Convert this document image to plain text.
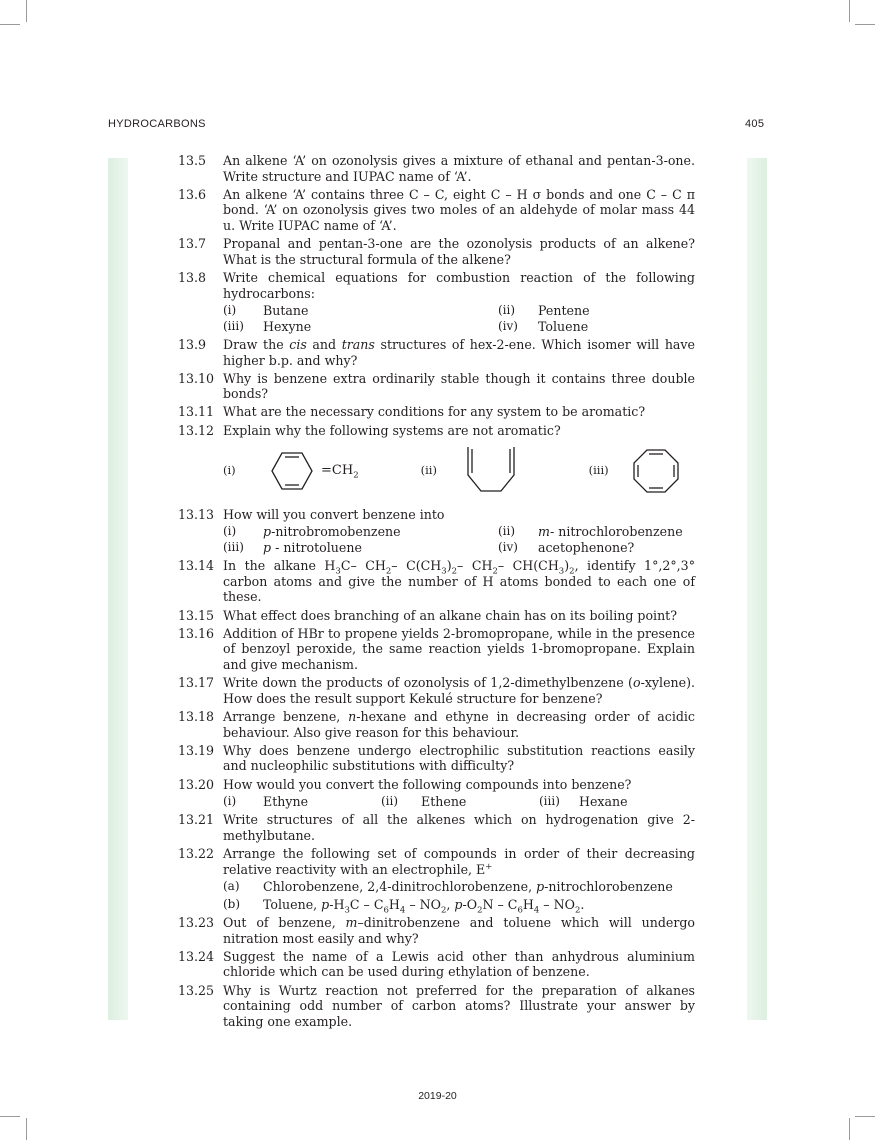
HYDROCARBONS	405
13.5	An alkene ‘A’ on ozonolysis gives a mixture of ethanal and pentan-3-one. Write structure and IUPAC name of ‘A’.
13.6	An alkene ‘A’ contains three C – C, eight C – H σ bonds and one C – C π bond. ‘A’ on ozonolysis gives two moles of an aldehyde of molar mass 44 u. Write IUPAC name of ‘A’.
13.7	Propanal and pentan-3-one are the ozonolysis products of an alkene? What is the structural formula of the alkene?
13.8	Write chemical equations for combustion reaction of the following hydrocarbons:
(i)	Butane	(ii)	Pentene
(iii)	Hexyne	(iv)	Toluene
13.9	Draw the cis and trans structures of hex-2-ene. Which isomer will have higher b.p. and why?
13.10 Why is benzene extra ordinarily stable though it contains three double bonds?
13.11 What are the necessary conditions for any system to be aromatic?
13.12 Explain why the following systems are not aromatic?
(i)	$=CH_2$	(ii)	(iii)
13.13 How will you convert benzene into
(i)	p-nitrobromobenzene	(ii)	m- nitrochlorobenzene
(iii)	p - nitrotoluene	(iv)	acetophenone?
13.14 In the alkane $H_3C-$ $CH_2-$ $C(CH_3)_2-$ $CH_2-$ $CH(CH_3)_2$, identify 1°,2°,3° carbon atoms and give the number of H atoms bonded to each one of these.
13.15 What effect does branching of an alkane chain has on its boiling point?
13.16 Addition of HBr to propene yields 2-bromopropane, while in the presence of benzoyl peroxide, the same reaction yields 1-bromopropane. Explain and give mechanism.
13.17 Write down the products of ozonolysis of 1,2-dimethylbenzene (o-xylene). How does the result support Kekulé structure for benzene?
13.18 Arrange benzene, n-hexane and ethyne in decreasing order of acidic behaviour. Also give reason for this behaviour.
13.19 Why does benzene undergo electrophilic substitution reactions easily and nucleophilic substitutions with difficulty?
13.20 How would you convert the following compounds into benzene?
(i)	Ethyne	(ii)	Ethene	(iii)	Hexane
13.21 Write structures of all the alkenes which on hydrogenation give 2-methylbutane.
13.22 Arrange the following set of compounds in order of their decreasing relative reactivity with an electrophile, E+
(a)	Chlorobenzene, 2,4-dinitrochlorobenzene, p-nitrochlorobenzene
(b)	Toluene, $p-H_3C - C_6H_4 - NO_2$, $p-O_2N - C_6H_4 - NO_2$.
13.23 Out of benzene, m–dinitrobenzene and toluene which will undergo nitration most easily and why?
13.24 Suggest the name of a Lewis acid other than anhydrous aluminium chloride which can be used during ethylation of benzene.
13.25 Why is Wurtz reaction not preferred for the preparation of alkanes containing odd number of carbon atoms? Illustrate your answer by taking one example.
2019-20
